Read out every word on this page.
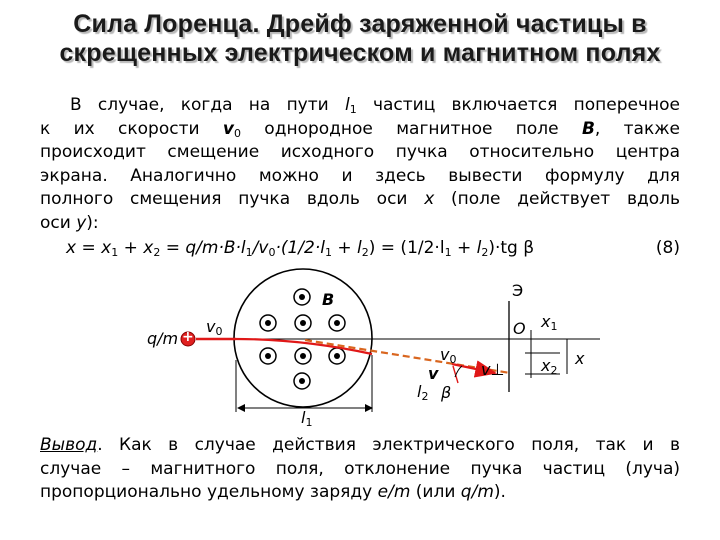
Сила Лоренца. Дрейф заряженной частицы в
скрещенных электрическом и магнитном полях
В случае, когда на пути $l_1$ частиц включается поперечное
к их скорости $v_0$ однородное магнитное поле B, также
происходит смещение исходного пучка относительно центра
экрана. Аналогично можно и здесь вывести формулу для
полного смещения пучка вдоль оси x (поле действует вдоль
оси y):
$x = x_1 + x_2 = q/m\cdot B\cdot l_1/v_0\cdot(1/2\cdot l_1 + l_2) = (1/2\cdot l_1 + l_2)\cdot tg$ β	(8)
q/m +
$v_0$
B	Э
O $x_1$
$x_2$
x
$v_0$
v	v⊥
$l_2$ β
$l_1$
Вывод. Как в случае действия электрического поля, так и в
случае – магнитного поля, отклонение пучка частиц (луча)
пропорционально удельному заряду e/m (или q/m).
